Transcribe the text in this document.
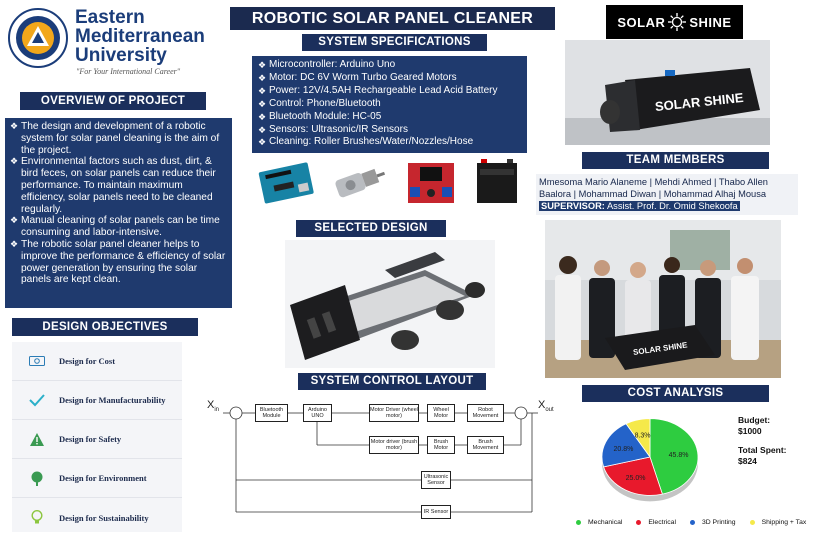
Eastern
Mediterranean
University
"For Your International Career"
ROBOTIC SOLAR PANEL CLEANER	SOLAR SHINE
OVERVIEW OF PROJECT
❖ The design and development of a robotic system for solar panel cleaning is the aim of the project.
❖ Environmental factors such as dust, dirt, & bird feces, on solar panels can reduce their performance. To maintain maximum efficiency, solar panels need to be cleaned regularly.
❖ Manual cleaning of solar panels can be time consuming and labor-intensive.
❖ The robotic solar panel cleaner helps to improve the performance & efficiency of solar power generation by ensuring the solar panels are kept clean.
DESIGN OBJECTIVES
Design for Cost
Design for Manufacturability
Design for Safety
Design for Environment
Design for Sustainability
SYSTEM SPECIFICATIONS
❖ Microcontroller: Arduino Uno
❖ Motor: DC 6V Worm Turbo Geared Motors
❖ Power: 12V/4.5AH Rechargeable Lead Acid Battery
❖ Control: Phone/Bluetooth
❖ Bluetooth Module: HC-05
❖ Sensors: Ultrasonic/IR Sensors
❖ Cleaning: Roller Brushes/Water/Nozzles/Hose
SELECTED DESIGN
SYSTEM CONTROL LAYOUT
$X_{in}$	$X_{out}$
Bluetooth Module
Arduino UNO
Motor Driver (wheel motor)
Wheel Motor
Robot Movement
Motor driver (brush motor)
Brush Motor
Brush Movement
Ultrasonic Sensor
IR Sensor
SOLAR SHINE
TEAM MEMBERS
Mmesoma Mario Alaneme | Mehdi Ahmed | Thabo Allen Baalora | Mohammad Diwan | Mohammad Alhaj Mousa SUPERVISOR: Assist. Prof. Dr. Omid Shekoofa
SOLAR SHINE
COST ANALYSIS
45.8%
25.0%
20.8%
8.3%
Budget:
$1000
Total Spent:
$824
Mechanical	Electrical	3D Printing	Shipping + Tax
